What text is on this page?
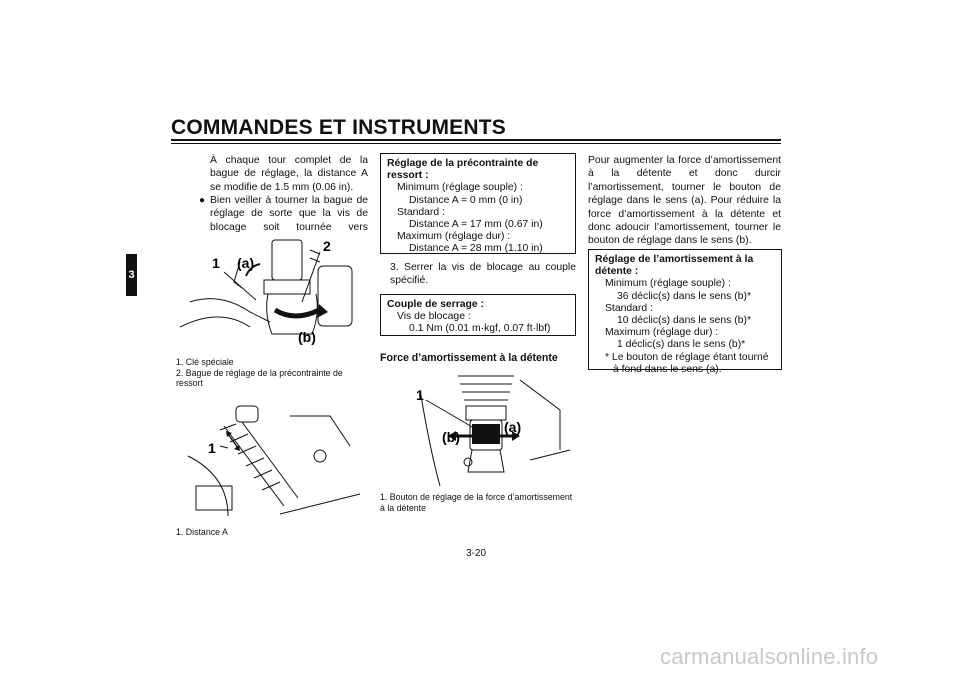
COMMANDES ET INSTRUMENTS
3
À chaque tour complet de la bague de réglage, la distance A se modifie de 1.5 mm (0.06 in).
● Bien veiller à tourner la bague de réglage de sorte que la vis de blocage soit tournée vers l’extérieur.
1 (a)
2
(b)
1. Clé spéciale
2. Bague de réglage de la précontrainte de ressort
1
1. Distance A
Réglage de la précontrainte de ressort :
Minimum (réglage souple) :
Distance A = 0 mm (0 in)
Standard :
Distance A = 17 mm (0.67 in)
Maximum (réglage dur) :
Distance A = 28 mm (1.10 in)
3. Serrer la vis de blocage au couple spécifié.
Couple de serrage :
Vis de blocage :
0.1 Nm (0.01 m·kgf, 0.07 ft·lbf)
Force d’amortissement à la détente
1
(b)
(a)
1. Bouton de réglage de la force d’amortissement à la détente
Pour augmenter la force d’amortissement à la détente et donc durcir l’amortissement, tourner le bouton de réglage dans le sens (a). Pour réduire la force d’amortissement à la détente et donc adoucir l’amortissement, tourner le bouton de réglage dans le sens (b).
Réglage de l’amortissement à la détente :
Minimum (réglage souple) :
36 déclic(s) dans le sens (b)*
Standard :
10 déclic(s) dans le sens (b)*
Maximum (réglage dur) :
1 déclic(s) dans le sens (b)*
* Le bouton de réglage étant tourné à fond dans le sens (a).
3-20
carmanualsonline.info
